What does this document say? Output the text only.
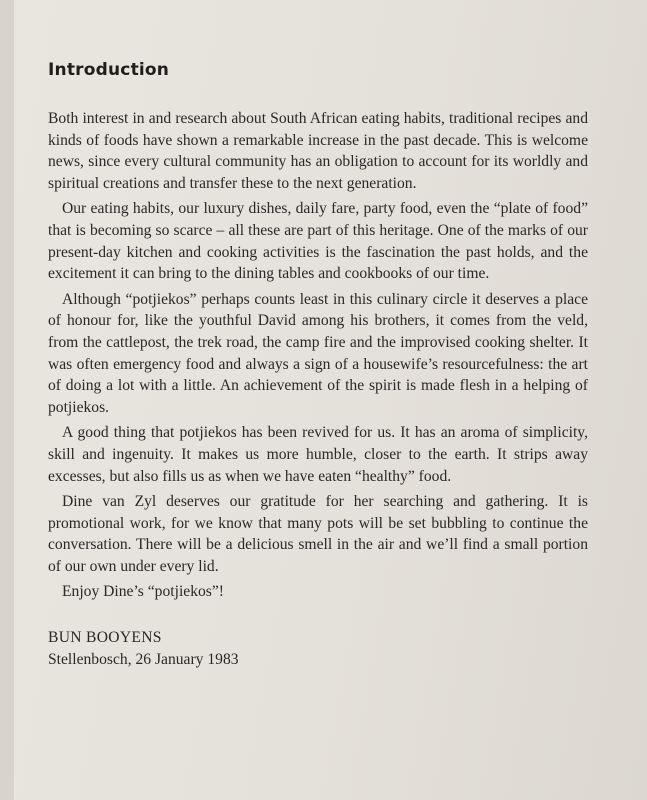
Introduction

Both interest in and research about South African eating habits, traditional recipes and kinds of foods have shown a remarkable increase in the past decade. This is welcome news, since every cultural community has an obligation to account for its worldly and spiritual creations and transfer these to the next generation.

Our eating habits, our luxury dishes, daily fare, party food, even the “plate of food” that is becoming so scarce – all these are part of this heritage. One of the marks of our present-day kitchen and cooking activities is the fascination the past holds, and the excitement it can bring to the dining tables and cookbooks of our time.

Although “potjiekos” perhaps counts least in this culinary circle it deserves a place of honour for, like the youthful David among his brothers, it comes from the veld, from the cattlepost, the trek road, the camp fire and the improvised cooking shelter. It was often emergency food and always a sign of a housewife’s resourcefulness: the art of doing a lot with a little. An achievement of the spirit is made flesh in a helping of potjiekos.

A good thing that potjiekos has been revived for us. It has an aroma of simplicity, skill and ingenuity. It makes us more humble, closer to the earth. It strips away excesses, but also fills us as when we have eaten “healthy” food.

Dine van Zyl deserves our gratitude for her searching and gathering. It is promotional work, for we know that many pots will be set bubbling to continue the conversation. There will be a delicious smell in the air and we’ll find a small portion of our own under every lid.

Enjoy Dine’s “potjiekos”!

BUN BOOYENS
Stellenbosch, 26 January 1983
